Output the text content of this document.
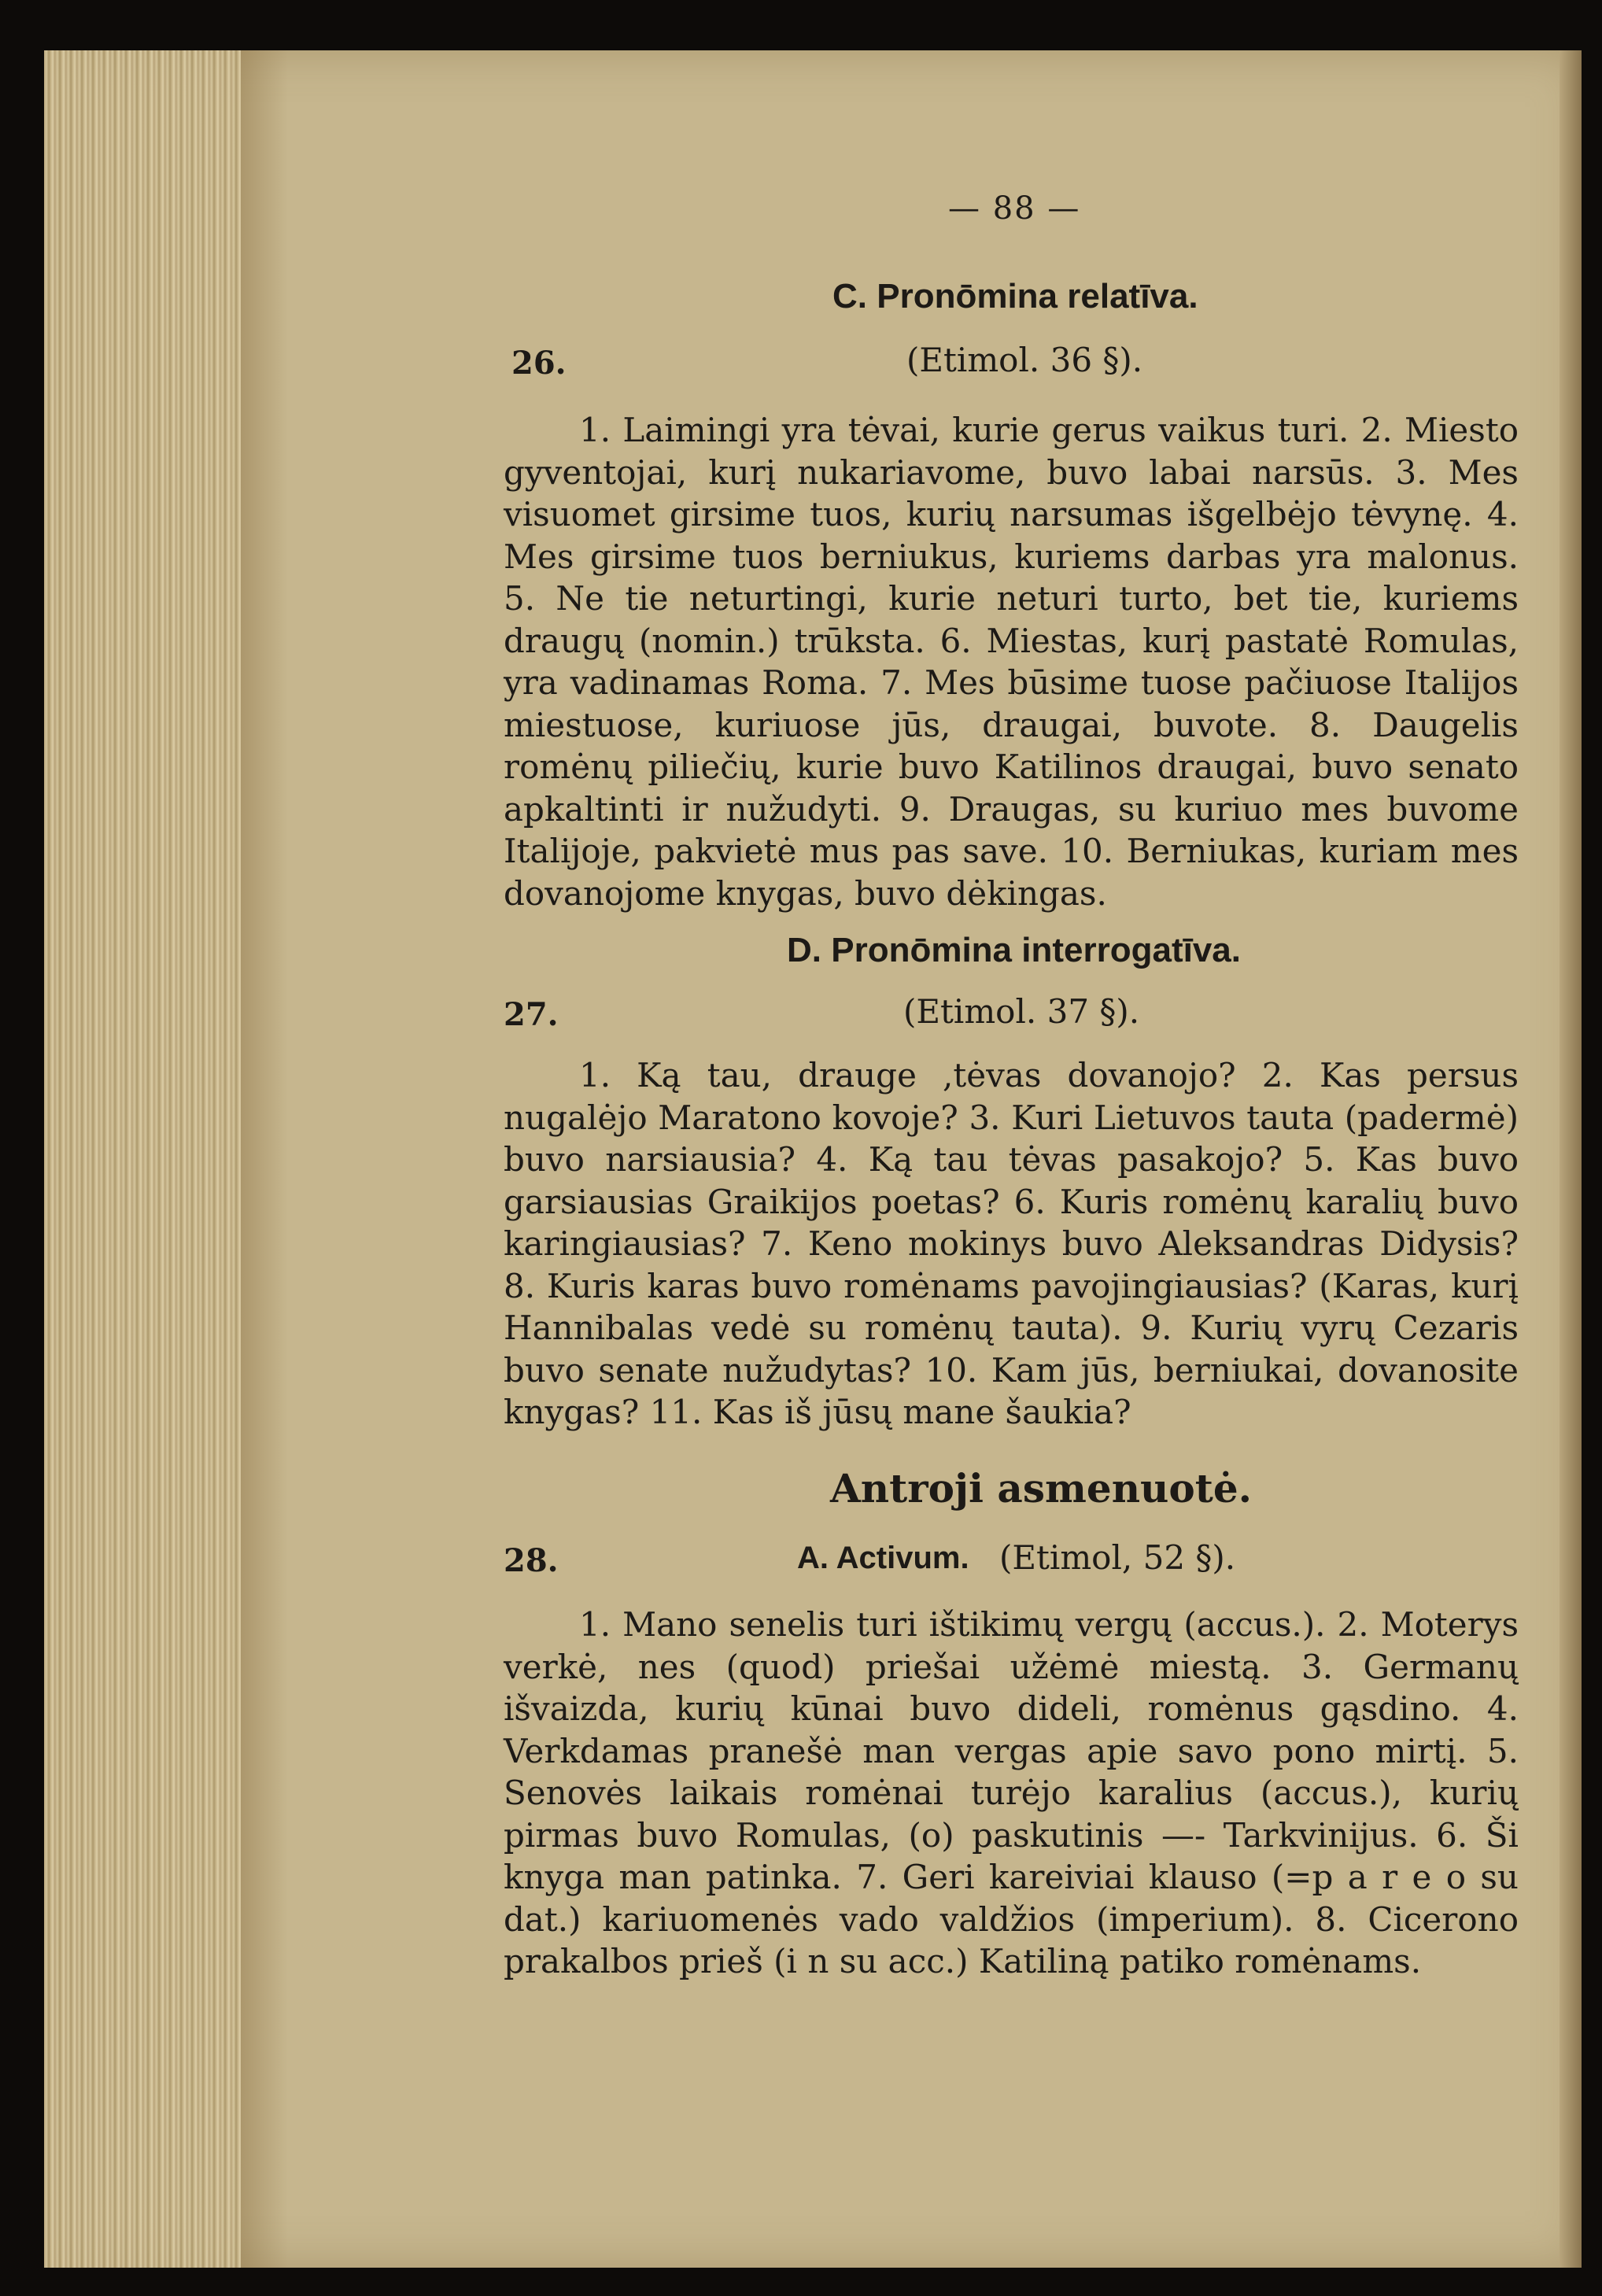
— 88 —
C. Pronōmina relatīva.
26.	(Etimol. 36 §).

1. Laimingi yra tėvai, kurie gerus vaikus turi. 2. Miesto gyventojai, kurį nukariavome, buvo labai narsūs. 3. Mes visuomet girsime tuos, kurių narsumas išgelbėjo tėvynę. 4. Mes girsime tuos berniukus, kuriems darbas yra malonus. 5. Ne tie neturtingi, kurie neturi turto, bet tie, kuriems draugų (nomin.) trūksta. 6. Miestas, kurį pastatė Romulas, yra vadinamas Roma. 7. Mes būsime tuose pačiuose Italijos miestuose, kuriuose jūs, draugai, buvote. 8. Daugelis romėnų piliečių, kurie buvo Katilinos draugai, buvo senato apkaltinti ir nužudyti. 9. Draugas, su kuriuo mes buvome Italijoje, pakvietė mus pas save. 10. Berniukas, kuriam mes dovanojome knygas, buvo dėkingas.

D. Pronōmina interrogatīva.
27.	(Etimol. 37 §).

1. Ką tau, drauge ,tėvas dovanojo? 2. Kas persus nugalėjo Maratono kovoje? 3. Kuri Lietuvos tauta (padermė) buvo narsiausia? 4. Ką tau tėvas pasakojo? 5. Kas buvo garsiausias Graikijos poetas? 6. Kuris romėnų karalių buvo karingiausias? 7. Keno mokinys buvo Aleksandras Didysis? 8. Kuris karas buvo romėnams pavojingiausias? (Karas, kurį Hannibalas vedė su romėnų tauta). 9. Kurių vyrų Cezaris buvo senate nužudytas? 10. Kam jūs, berniukai, dovanosite knygas? 11. Kas iš jūsų mane šaukia?

Antroji asmenuotė.
28.	A. Activum. (Etimol, 52 §).

1. Mano senelis turi ištikimų vergų (accus.). 2. Moterys verkė, nes (quod) priešai užėmė miestą. 3. Germanų išvaizda, kurių kūnai buvo dideli, romėnus gąsdino. 4. Verkdamas pranešė man vergas apie savo pono mirtį. 5. Senovės laikais romėnai turėjo karalius (accus.), kurių pirmas buvo Romulas, (o) paskutinis —- Tarkvinijus. 6. Ši knyga man patinka. 7. Geri kareiviai klauso (=p a r e o su dat.) kariuomenės vado valdžios (imperium). 8. Cicerono prakalbos prieš (i n su acc.) Katiliną patiko romėnams.
